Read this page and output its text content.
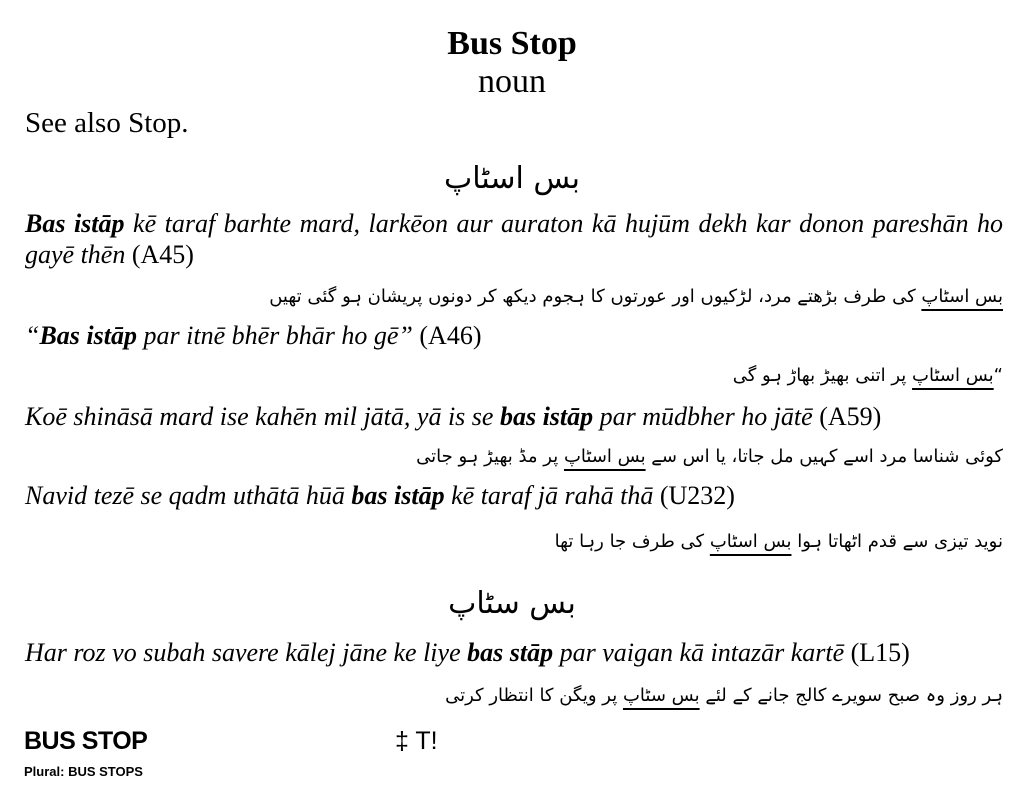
Bus Stop
noun
See also Stop.
بس اسٹاپ
Bas istāp kē taraf barhte mard, larkēon aur auraton kā hujūm dekh kar donon pareshān ho gayē thēn (A45)
بس اسٹاپ کی طرف بڑھتے مرد، لڑکیوں اور عورتوں کا ہجوم دیکھ کر دونوں پریشان ہو گئی تھیں
“Bas istāp par itnē bhēr bhār ho gē” (A46)
“بس اسٹاپ پر اتنی بھیڑ بھاڑ ہو گی
Koē shināsā mard ise kahēn mil jātā, yā is se bas istāp par mūdbher ho jātē (A59)
کوئی شناسا مرد اسے کہیں مل جاتا، یا اس سے بس اسٹاپ پر مڈ بھیڑ ہو جاتی
Navid tezē se qadm uthātā hūā bas istāp kē taraf jā rahā thā (U232)
نوید تیزی سے قدم اٹھاتا ہوا بس اسٹاپ کی طرف جا رہا تھا
بس سٹاپ
Har roz vo subah savere kālej jāne ke liye bas stāp par vaigan kā intazār kartē (L15)
ہر روز وہ صبح سویرے کالج جانے کے لئے بس سٹاپ پر ویگن کا انتظار کرتی
BUS STOP	‡ T!
Plural: BUS STOPS
